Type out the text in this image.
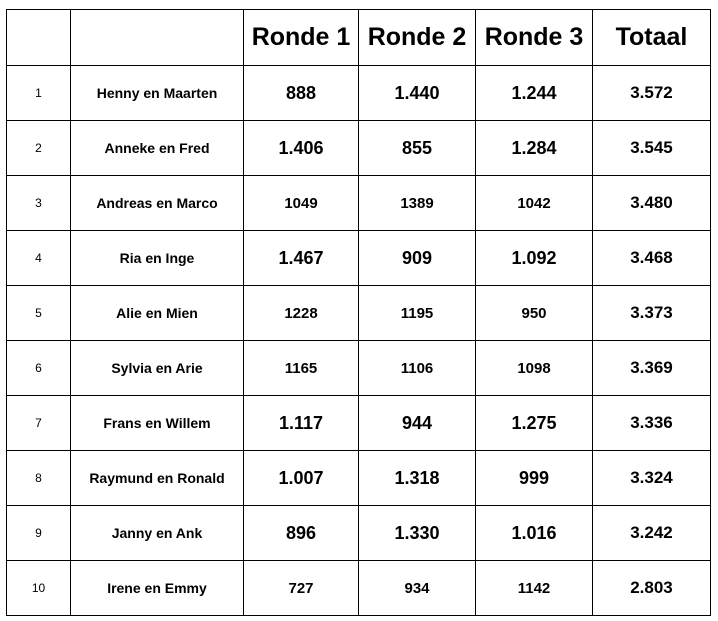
		Ronde 1	Ronde 2	Ronde 3	Totaal
1	Henny en Maarten	888	1.440	1.244	3.572
2	Anneke en Fred	1.406	855	1.284	3.545
3	Andreas en Marco	1049	1389	1042	3.480
4	Ria en Inge	1.467	909	1.092	3.468
5	Alie en Mien	1228	1195	950	3.373
6	Sylvia en Arie	1165	1106	1098	3.369
7	Frans en Willem	1.117	944	1.275	3.336
8	Raymund en Ronald	1.007	1.318	999	3.324
9	Janny en Ank	896	1.330	1.016	3.242
10	Irene en Emmy	727	934	1142	2.803
